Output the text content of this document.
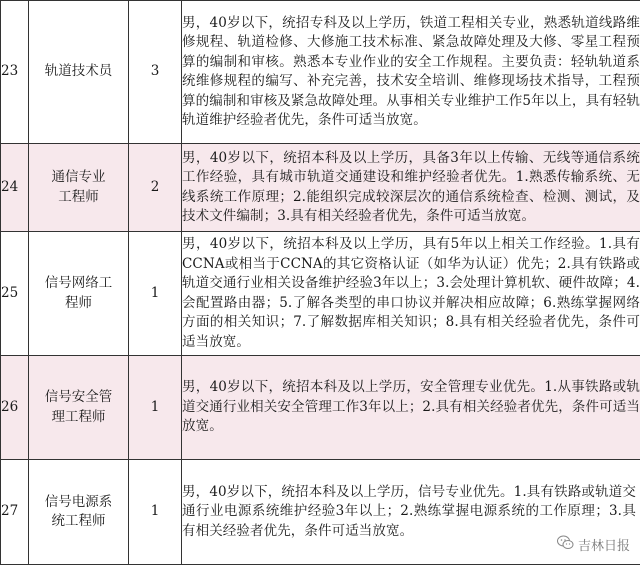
23	轨道技术员	3	男，40岁以下，统招专科及以上学历，铁道工程相关专业，熟悉轨道线路维修规程、轨道检修、大修施工技术标准、紧急故障处理及大修、零星工程预算的编制和审核。熟悉本专业作业的安全工作规程。主要负责：轻轨轨道系统维修规程的编写、补充完善，技术安全培训、维修现场技术指导，工程预算的编制和审核及紧急故障处理。从事相关专业维护工作5年以上，具有轻轨轨道维护经验者优先，条件可适当放宽。
24	通信专业工程师	2	男，40岁以下，统招本科及以上学历，具备3年以上传输、无线等通信系统工作经验，具有城市轨道交通建设和维护经验者优先。1.熟悉传输系统、无线系统工作原理；2.能组织完成较深层次的通信系统检查、检测、测试，及技术文件编制；3.具有相关经验者优先，条件可适当放宽。
25	信号网络工程师	1	男，40岁以下，统招本科及以上学历，具有5年以上相关工作经验。1.具有CCNA或相当于CCNA的其它资格认证（如华为认证）优先；2.具有铁路或轨道交通行业相关设备维护经验3年以上；3.会处理计算机软、硬件故障；4.会配置路由器；5.了解各类型的串口协议并解决相应故障；6.熟练掌握网络方面的相关知识；7.了解数据库相关知识；8.具有相关经验者优先，条件可适当放宽。
26	信号安全管理工程师	1	男，40岁以下，统招本科及以上学历，安全管理专业优先。1.从事铁路或轨道交通行业相关安全管理工作3年以上；2.具有相关经验者优先，条件可适当放宽。
27	信号电源系统工程师	1	男，40岁以下，统招本科及以上学历，信号专业优先。1.具有铁路或轨道交通行业电源系统维护经验3年以上；2.熟练掌握电源系统的工作原理；3.具有相关经验者优先，条件可适当放宽。
吉林日报
